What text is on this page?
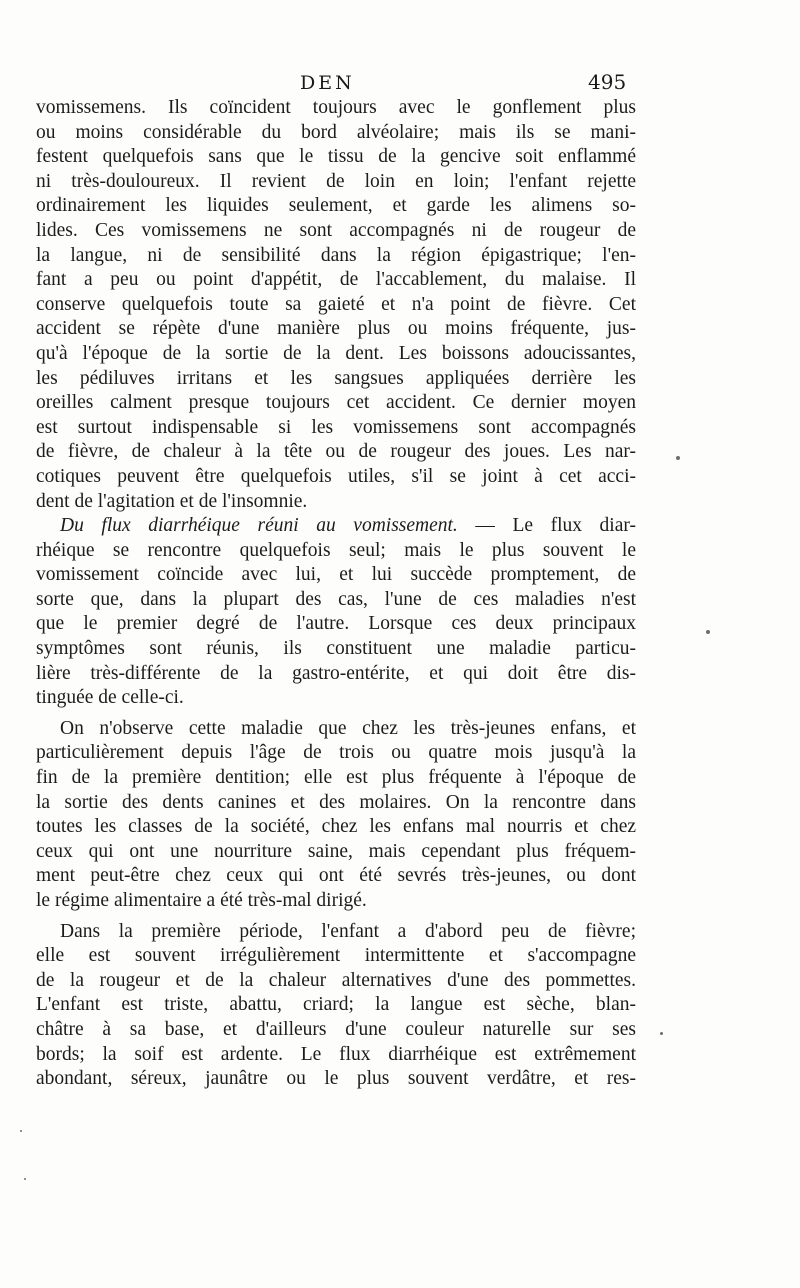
DEN	495
vomissemens. Ils coïncident toujours avec le gonflement plus
ou moins considérable du bord alvéolaire; mais ils se mani-
festent quelquefois sans que le tissu de la gencive soit enflammé
ni très-douloureux. Il revient de loin en loin; l'enfant rejette
ordinairement les liquides seulement, et garde les alimens so-
lides. Ces vomissemens ne sont accompagnés ni de rougeur de
la langue, ni de sensibilité dans la région épigastrique; l'en-
fant a peu ou point d'appétit, de l'accablement, du malaise. Il
conserve quelquefois toute sa gaieté et n'a point de fièvre. Cet
accident se répète d'une manière plus ou moins fréquente, jus-
qu'à l'époque de la sortie de la dent. Les boissons adoucissantes,
les pédiluves irritans et les sangsues appliquées derrière les
oreilles calment presque toujours cet accident. Ce dernier moyen
est surtout indispensable si les vomissemens sont accompagnés
de fièvre, de chaleur à la tête ou de rougeur des joues. Les nar-
cotiques peuvent être quelquefois utiles, s'il se joint à cet acci-
dent de l'agitation et de l'insomnie.
Du flux diarrhéique réuni au vomissement. — Le flux diar-
rhéique se rencontre quelquefois seul; mais le plus souvent le
vomissement coïncide avec lui, et lui succède promptement, de
sorte que, dans la plupart des cas, l'une de ces maladies n'est
que le premier degré de l'autre. Lorsque ces deux principaux
symptômes sont réunis, ils constituent une maladie particu-
lière très-différente de la gastro-entérite, et qui doit être dis-
tinguée de celle-ci.
On n'observe cette maladie que chez les très-jeunes enfans, et
particulièrement depuis l'âge de trois ou quatre mois jusqu'à la
fin de la première dentition; elle est plus fréquente à l'époque de
la sortie des dents canines et des molaires. On la rencontre dans
toutes les classes de la société, chez les enfans mal nourris et chez
ceux qui ont une nourriture saine, mais cependant plus fréquem-
ment peut-être chez ceux qui ont été sevrés très-jeunes, ou dont
le régime alimentaire a été très-mal dirigé.
Dans la première période, l'enfant a d'abord peu de fièvre;
elle est souvent irrégulièrement intermittente et s'accompagne
de la rougeur et de la chaleur alternatives d'une des pommettes.
L'enfant est triste, abattu, criard; la langue est sèche, blan-
châtre à sa base, et d'ailleurs d'une couleur naturelle sur ses
bords; la soif est ardente. Le flux diarrhéique est extrêmement
abondant, séreux, jaunâtre ou le plus souvent verdâtre, et res-
